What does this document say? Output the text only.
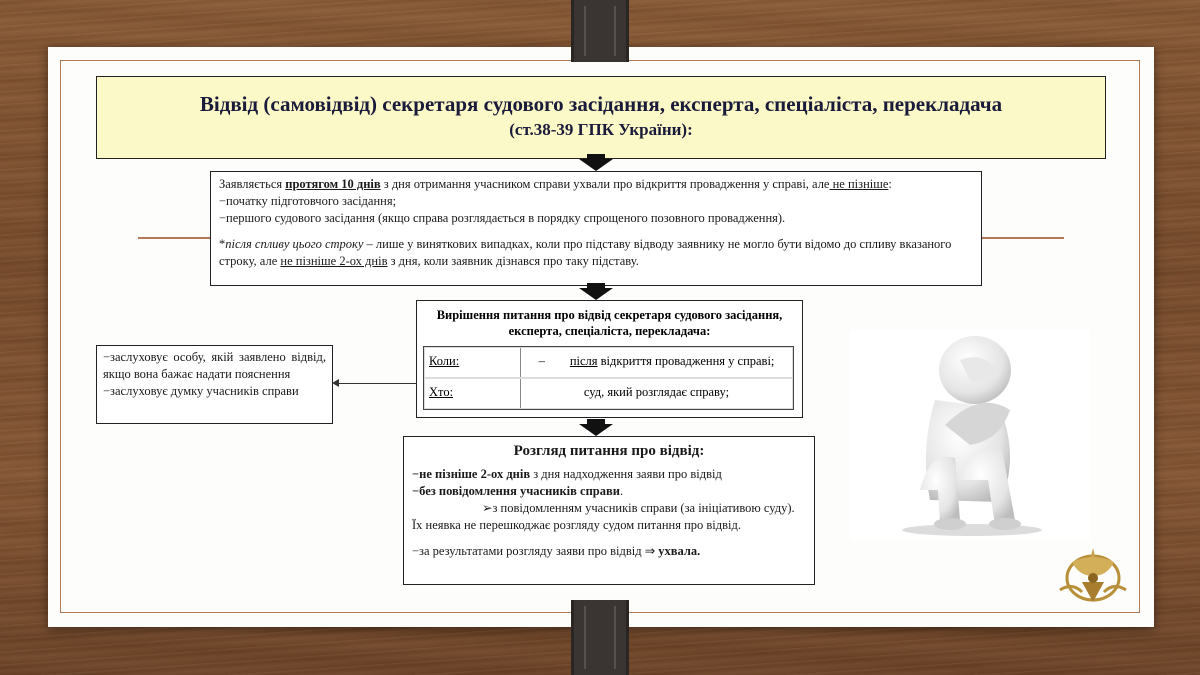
Відвід (самовідвід) секретаря судового засідання, експерта, спеціаліста, перекладача
(ст.38-39 ГПК України):

Заявляється протягом 10 днів з дня отримання учасником справи ухвали про відкриття провадження у справі, але не пізніше:

−початку підготовчого засідання;

−першого судового засідання (якщо справа розглядається в порядку спрощеного позовного провадження).

*після спливу цього строку – лише у виняткових випадках, коли про підставу відводу заявнику не могло бути відомо до спливу вказаного строку, але не пізніше 2-ох днів з дня, коли заявник дізнався про таку підставу.

Вирішення питання про відвід секретаря судового засідання, експерта, спеціаліста, перекладача:
Коли:	–        після відкриття провадження у справі;
Хто:	суд, який розглядає справу;

−заслуховує особу, якій заявлено відвід, якщо вона бажає надати пояснення

−заслуховує думку учасників справи

Розгляд питання про відвід:

−не пізніше 2-ох днів з дня надходження заяви про відвід

−без повідомлення учасників справи.

➢з повідомленням учасників справи (за ініціативою суду).

Їх неявка не перешкоджає розгляду судом питання про відвід.

−за результатами розгляду заяви про відвід ⇒ ухвала.
